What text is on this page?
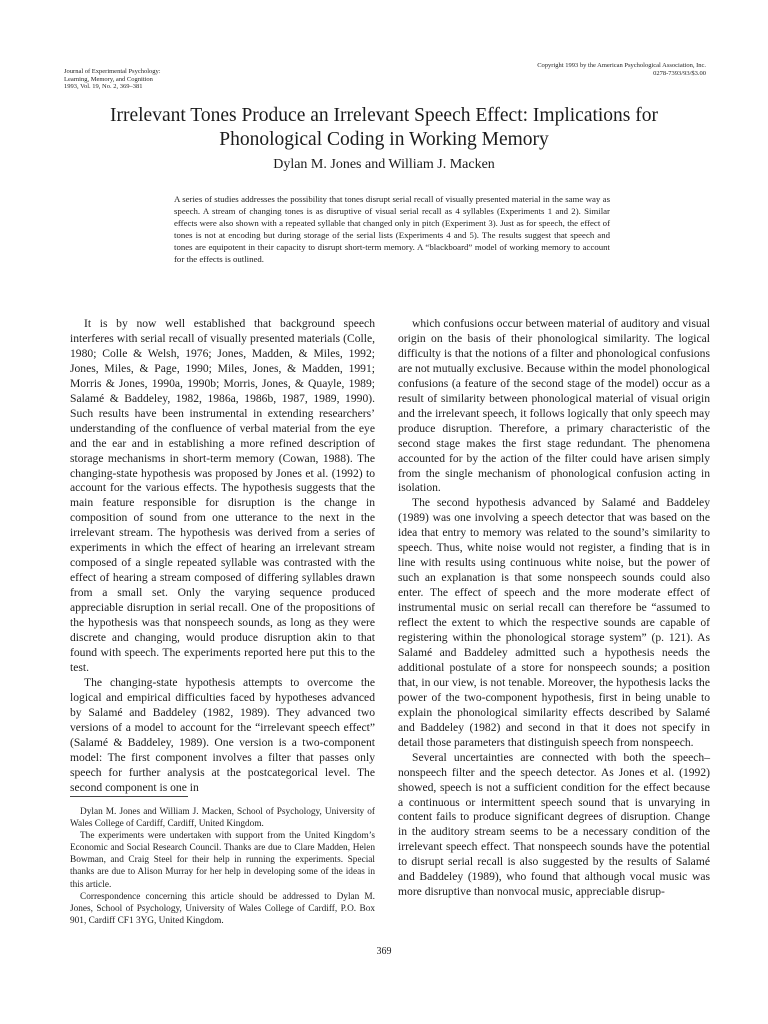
Journal of Experimental Psychology:
Learning, Memory, and Cognition
1993, Vol. 19, No. 2, 369–381
Copyright 1993 by the American Psychological Association, Inc.
0278-7393/93/$3.00
Irrelevant Tones Produce an Irrelevant Speech Effect: Implications for
Phonological Coding in Working Memory
Dylan M. Jones and William J. Macken

A series of studies addresses the possibility that tones disrupt serial recall of visually presented material in the same way as speech. A stream of changing tones is as disruptive of visual serial recall as 4 syllables (Experiments 1 and 2). Similar effects were also shown with a repeated syllable that changed only in pitch (Experiment 3). Just as for speech, the effect of tones is not at encoding but during storage of the serial lists (Experiments 4 and 5). The results suggest that speech and tones are equipotent in their capacity to disrupt short-term memory. A “blackboard” model of working memory to account for the effects is outlined.

It is by now well established that background speech interferes with serial recall of visually presented materials (Colle, 1980; Colle & Welsh, 1976; Jones, Madden, & Miles, 1992; Jones, Miles, & Page, 1990; Miles, Jones, & Madden, 1991; Morris & Jones, 1990a, 1990b; Morris, Jones, & Quayle, 1989; Salamé & Baddeley, 1982, 1986a, 1986b, 1987, 1989, 1990). Such results have been instrumental in extending researchers’ understanding of the confluence of verbal material from the eye and the ear and in establishing a more refined description of storage mechanisms in short-term memory (Cowan, 1988). The changing-state hypothesis was proposed by Jones et al. (1992) to account for the various effects. The hypothesis suggests that the main feature responsible for disruption is the change in composition of sound from one utterance to the next in the irrelevant stream. The hypothesis was derived from a series of experiments in which the effect of hearing an irrelevant stream composed of a single repeated syllable was contrasted with the effect of hearing a stream composed of differing syllables drawn from a small set. Only the varying sequence produced appreciable disruption in serial recall. One of the propositions of the hypothesis was that nonspeech sounds, as long as they were discrete and changing, would produce disruption akin to that found with speech. The experiments reported here put this to the test.

The changing-state hypothesis attempts to overcome the logical and empirical difficulties faced by hypotheses advanced by Salamé and Baddeley (1982, 1989). They advanced two versions of a model to account for the “irrelevant speech effect” (Salamé & Baddeley, 1989). One version is a two-component model: The first component involves a filter that passes only speech for further analysis at the postcategorical level. The second component is one in

which confusions occur between material of auditory and visual origin on the basis of their phonological similarity. The logical difficulty is that the notions of a filter and phonological confusions are not mutually exclusive. Because within the model phonological confusions (a feature of the second stage of the model) occur as a result of similarity between phonological material of visual origin and the irrelevant speech, it follows logically that only speech may produce disruption. Therefore, a primary characteristic of the second stage makes the first stage redundant. The phenomena accounted for by the action of the filter could have arisen simply from the single mechanism of phonological confusion acting in isolation.

The second hypothesis advanced by Salamé and Baddeley (1989) was one involving a speech detector that was based on the idea that entry to memory was related to the sound’s similarity to speech. Thus, white noise would not register, a finding that is in line with results using continuous white noise, but the power of such an explanation is that some nonspeech sounds could also enter. The effect of speech and the more moderate effect of instrumental music on serial recall can therefore be “assumed to reflect the extent to which the respective sounds are capable of registering within the phonological storage system” (p. 121). As Salamé and Baddeley admitted such a hypothesis needs the additional postulate of a store for nonspeech sounds; a position that, in our view, is not tenable. Moreover, the hypothesis lacks the power of the two-component hypothesis, first in being unable to explain the phonological similarity effects described by Salamé and Baddeley (1982) and second in that it does not specify in detail those parameters that distinguish speech from nonspeech.

Several uncertainties are connected with both the speech–nonspeech filter and the speech detector. As Jones et al. (1992) showed, speech is not a sufficient condition for the effect because a continuous or intermittent speech sound that is unvarying in content fails to produce significant degrees of disruption. Change in the auditory stream seems to be a necessary condition of the irrelevant speech effect. That nonspeech sounds have the potential to disrupt serial recall is also suggested by the results of Salamé and Baddeley (1989), who found that although vocal music was more disruptive than nonvocal music, appreciable disrup-

Dylan M. Jones and William J. Macken, School of Psychology, University of Wales College of Cardiff, Cardiff, United Kingdom.

The experiments were undertaken with support from the United Kingdom’s Economic and Social Research Council. Thanks are due to Clare Madden, Helen Bowman, and Craig Steel for their help in running the experiments. Special thanks are due to Alison Murray for her help in developing some of the ideas in this article.

Correspondence concerning this article should be addressed to Dylan M. Jones, School of Psychology, University of Wales College of Cardiff, P.O. Box 901, Cardiff CF1 3YG, United Kingdom.

369
